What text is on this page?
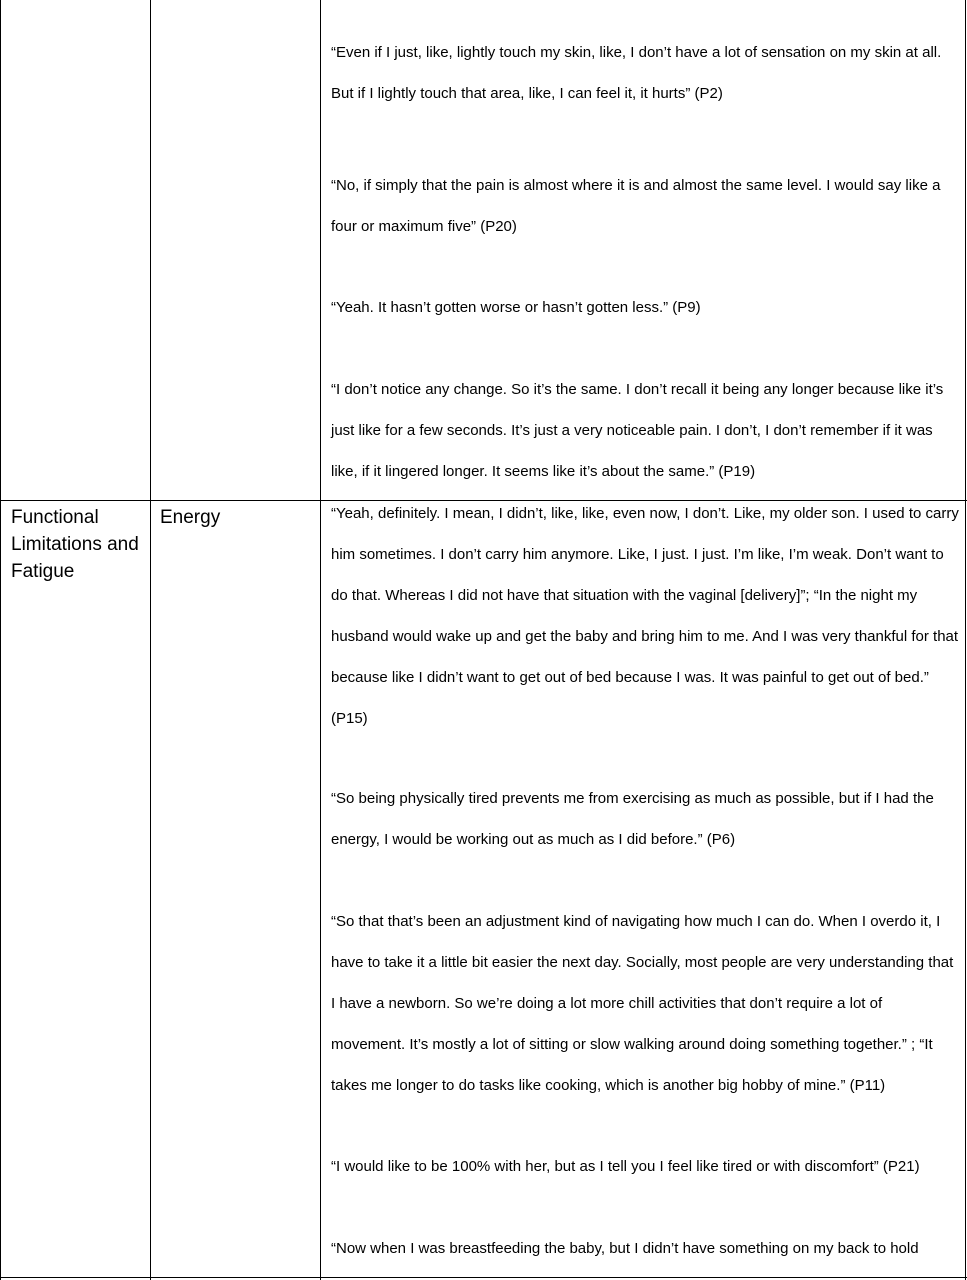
“Even if I just, like, lightly touch my skin, like, I don’t have a lot of sensation on my skin at all. But if I lightly touch that area, like, I can feel it, it hurts” (P2)

“No, if simply that the pain is almost where it is and almost the same level. I would say like a four or maximum five” (P20)

“Yeah. It hasn’t gotten worse or hasn’t gotten less.” (P9)

“I don’t notice any change. So it’s the same. I don’t recall it being any longer because like it’s just like for a few seconds. It’s just a very noticeable pain. I don’t, I don’t remember if it was like, if it lingered longer. It seems like it’s about the same.” (P19)

Functional Limitations and Fatigue
Energy	“Yeah, definitely. I mean, I didn’t, like, like, even now, I don’t. Like, my older son. I used to carry him sometimes. I don’t carry him anymore. Like, I just. I just. I’m like, I’m weak. Don’t want to do that. Whereas I did not have that situation with the vaginal [delivery]”; “In the night my husband would wake up and get the baby and bring him to me. And I was very thankful for that because like I didn’t want to get out of bed because I was. It was painful to get out of bed.” (P15)

“So being physically tired prevents me from exercising as much as possible, but if I had the energy, I would be working out as much as I did before.” (P6)

“So that that’s been an adjustment kind of navigating how much I can do. When I overdo it, I have to take it a little bit easier the next day. Socially, most people are very understanding that I have a newborn. So we’re doing a lot more chill activities that don’t require a lot of movement. It’s mostly a lot of sitting or slow walking around doing something together.” ; “It takes me longer to do tasks like cooking, which is another big hobby of mine.” (P11)

“I would like to be 100% with her, but as I tell you I feel like tired or with discomfort” (P21)

“Now when I was breastfeeding the baby, but I didn’t have something on my back to hold
